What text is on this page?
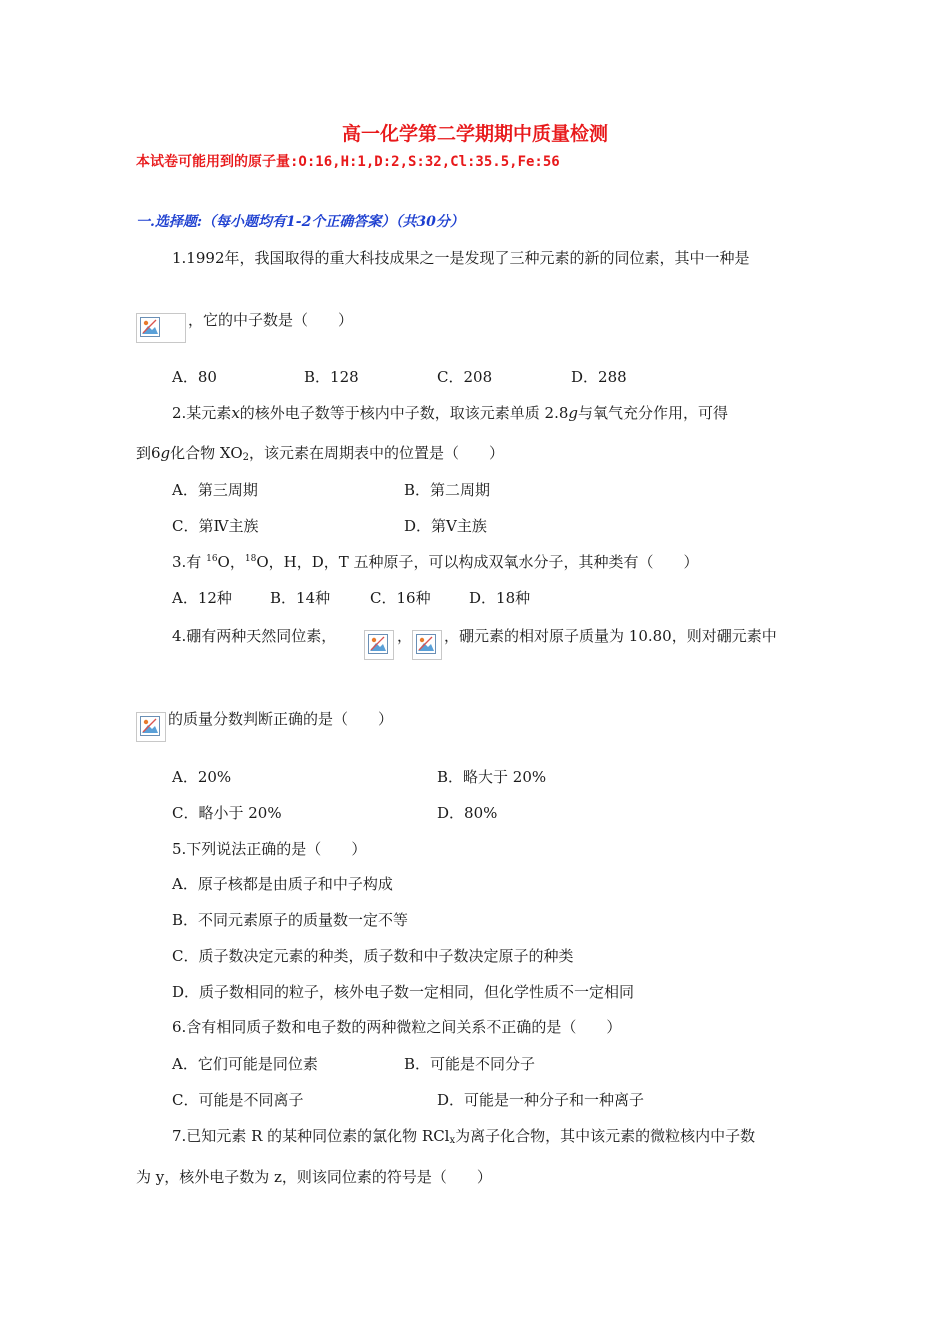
高一化学第二学期期中质量检测
本试卷可能用到的原子量:O:16,H:1,D:2,S:32,Cl:35.5,Fe:56
一.选择题:（每小题均有1-2个正确答案）（共30分）
1.1992年，我国取得的重大科技成果之一是发现了三种元素的新的同位素，其中一种是
，它的中子数是（　　）
A．80	B．128	C．208	D．288
2.某元素x的核外电子数等于核内中子数，取该元素单质 2.8g与氧气充分作用，可得
到6g化合物 $XO_2$，该元素在周期表中的位置是（　　）
A．第三周期	B．第二周期
C．第Ⅳ主族	D．第Ⅴ主族
3.有 $^{16}$O，$^{18}$O，H，D，T 五种原子，可以构成双氧水分子，其种类有（　　）
A．12种	B．14种	C．16种	D．18种
4.硼有两种天然同位素，	， ，硼元素的相对原子质量为 10.80，则对硼元素中
的质量分数判断正确的是（　　）
A．20%	B．略大于 20%
C．略小于 20%	D．80%
5.下列说法正确的是（　　）
A．原子核都是由质子和中子构成
B．不同元素原子的质量数一定不等
C．质子数决定元素的种类，质子数和中子数决定原子的种类
D．质子数相同的粒子，核外电子数一定相同，但化学性质不一定相同
6.含有相同质子数和电子数的两种微粒之间关系不正确的是（　　）
A．它们可能是同位素	B．可能是不同分子
C．可能是不同离子	D．可能是一种分子和一种离子
7.已知元素 R 的某种同位素的氯化物 RCl$_x$为离子化合物，其中该元素的微粒核内中子数
为 y，核外电子数为 z，则该同位素的符号是（　　）
